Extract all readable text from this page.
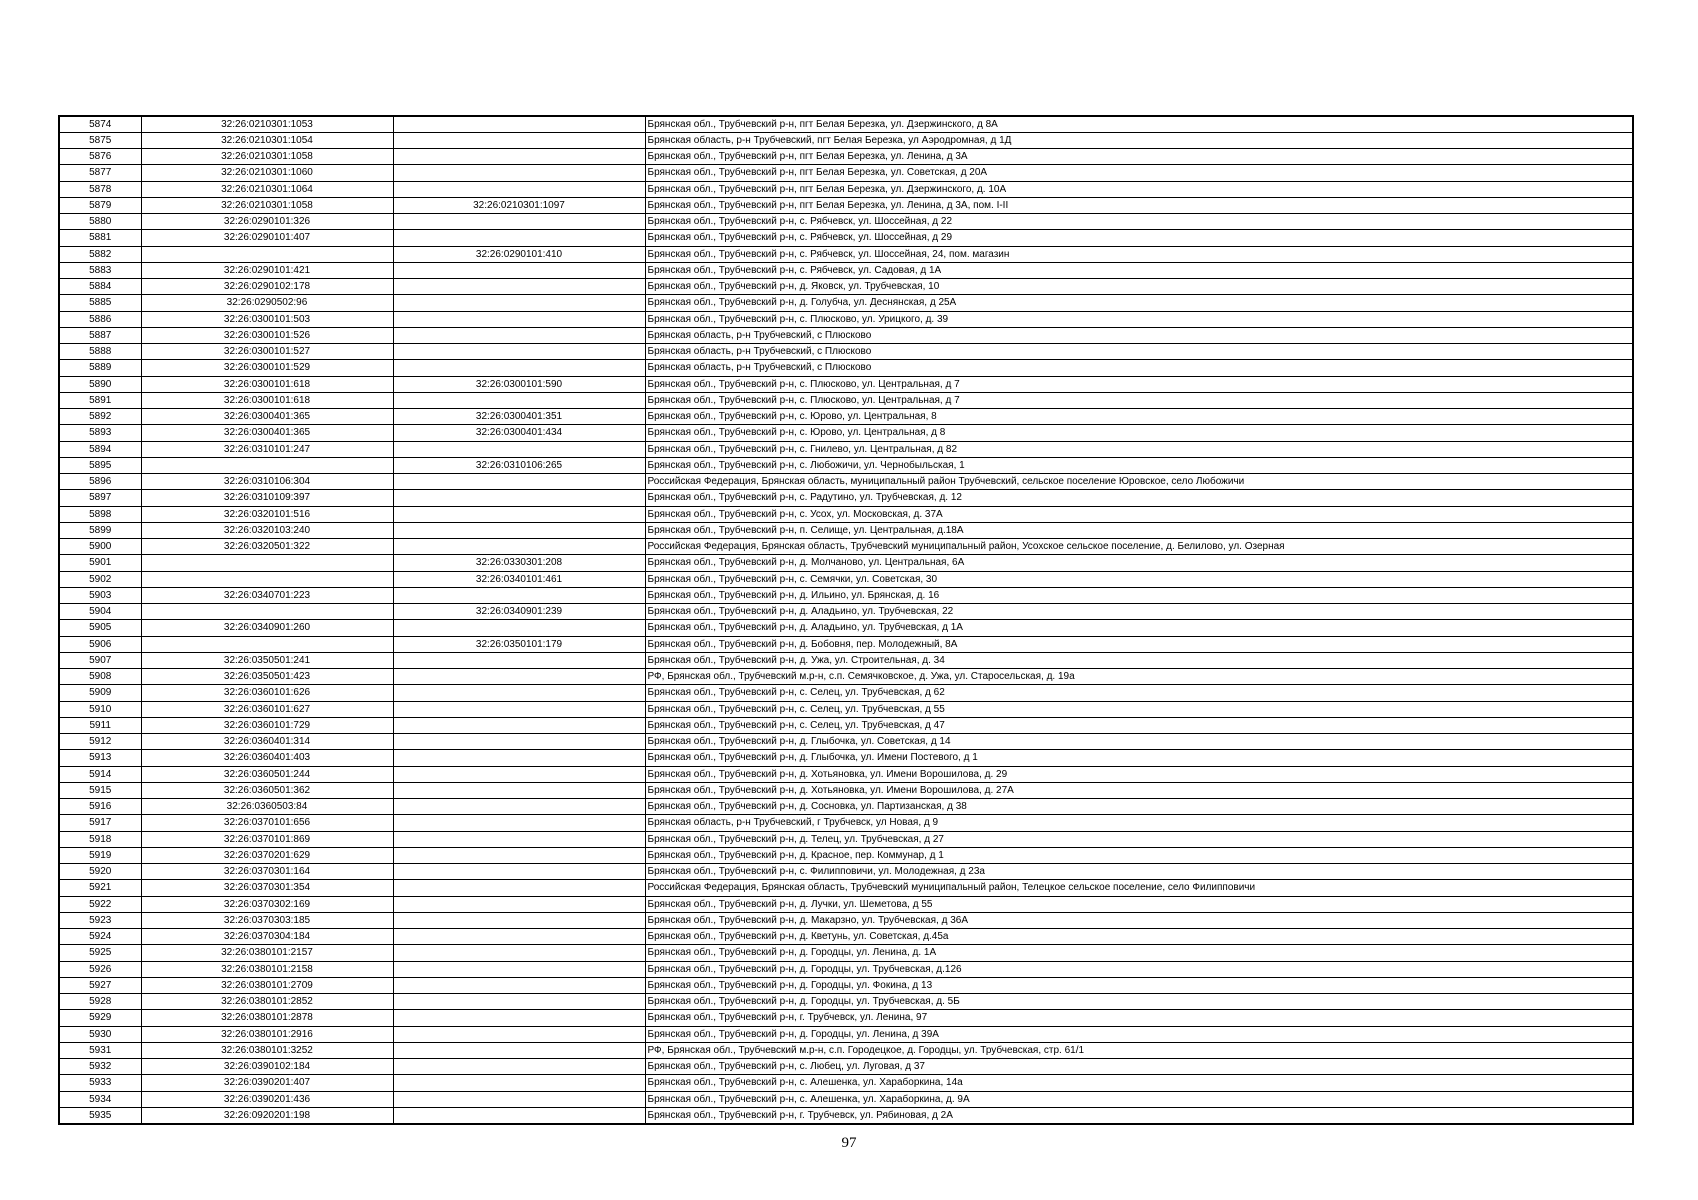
5874	32:26:0210301:1053		Брянская обл., Трубчевский р-н, пгт Белая Березка, ул. Дзержинского, д 8А
5875	32:26:0210301:1054		Брянская область, р-н Трубчевский, пгт Белая Березка, ул Аэродромная, д 1Д
5876	32:26:0210301:1058		Брянская обл., Трубчевский р-н, пгт Белая Березка, ул. Ленина, д 3А
5877	32:26:0210301:1060		Брянская обл., Трубчевский р-н, пгт Белая Березка, ул. Советская, д 20А
5878	32:26:0210301:1064		Брянская обл., Трубчевский р-н, пгт Белая Березка, ул. Дзержинского, д. 10А
5879	32:26:0210301:1058	32:26:0210301:1097	Брянская обл., Трубчевский р-н, пгт Белая Березка, ул. Ленина, д 3А, пом. I-II
5880	32:26:0290101:326		Брянская обл., Трубчевский р-н, с. Рябчевск, ул. Шоссейная, д 22
5881	32:26:0290101:407		Брянская обл., Трубчевский р-н, с. Рябчевск, ул. Шоссейная, д 29
5882		32:26:0290101:410	Брянская обл., Трубчевский р-н, с. Рябчевск, ул. Шоссейная, 24, пом. магазин
5883	32:26:0290101:421		Брянская обл., Трубчевский р-н, с. Рябчевск, ул. Садовая, д 1А
5884	32:26:0290102:178		Брянская обл., Трубчевский р-н, д. Яковск, ул. Трубчевская, 10
5885	32:26:0290502:96		Брянская обл., Трубчевский р-н, д. Голубча, ул. Деснянская, д 25А
5886	32:26:0300101:503		Брянская обл., Трубчевский р-н, с. Плюсково, ул. Урицкого, д. 39
5887	32:26:0300101:526		Брянская область, р-н Трубчевский, с Плюсково
5888	32:26:0300101:527		Брянская область, р-н Трубчевский, с Плюсково
5889	32:26:0300101:529		Брянская область, р-н Трубчевский, с Плюсково
5890	32:26:0300101:618	32:26:0300101:590	Брянская обл., Трубчевский р-н, с. Плюсково, ул. Центральная, д 7
5891	32:26:0300101:618		Брянская обл., Трубчевский р-н, с. Плюсково, ул. Центральная, д 7
5892	32:26:0300401:365	32:26:0300401:351	Брянская обл., Трубчевский р-н, с. Юрово, ул. Центральная, 8
5893	32:26:0300401:365	32:26:0300401:434	Брянская обл., Трубчевский р-н, с. Юрово, ул. Центральная, д 8
5894	32:26:0310101:247		Брянская обл., Трубчевский р-н, с. Гнилево, ул. Центральная, д 82
5895		32:26:0310106:265	Брянская обл., Трубчевский р-н, с. Любожичи, ул. Чернобыльская, 1
5896	32:26:0310106:304		Российская Федерация, Брянская область, муниципальный район Трубчевский, сельское поселение Юровское, село Любожичи
5897	32:26:0310109:397		Брянская обл., Трубчевский р-н, с. Радутино, ул. Трубчевская, д. 12
5898	32:26:0320101:516		Брянская обл., Трубчевский р-н, с. Усох, ул. Московская, д. 37А
5899	32:26:0320103:240		Брянская обл., Трубчевский р-н, п. Селище, ул. Центральная, д.18А
5900	32:26:0320501:322		Российская Федерация, Брянская область, Трубчевский муниципальный район, Усохское сельское поселение, д. Белилово, ул. Озерная
5901		32:26:0330301:208	Брянская обл., Трубчевский р-н, д. Молчаново, ул. Центральная, 6А
5902		32:26:0340101:461	Брянская обл., Трубчевский р-н, с. Семячки, ул. Советская, 30
5903	32:26:0340701:223		Брянская обл., Трубчевский р-н, д. Ильино, ул. Брянская, д. 16
5904		32:26:0340901:239	Брянская обл., Трубчевский р-н, д. Аладьино, ул. Трубчевская, 22
5905	32:26:0340901:260		Брянская обл., Трубчевский р-н, д. Аладьино, ул. Трубчевская, д 1А
5906		32:26:0350101:179	Брянская обл., Трубчевский р-н, д. Бобовня, пер. Молодежный, 8А
5907	32:26:0350501:241		Брянская обл., Трубчевский р-н, д. Ужа, ул. Строительная, д. 34
5908	32:26:0350501:423		РФ, Брянская обл., Трубчевский м.р-н, с.п. Семячковское, д. Ужа, ул. Старосельская, д. 19а
5909	32:26:0360101:626		Брянская обл., Трубчевский р-н, с. Селец, ул. Трубчевская, д 62
5910	32:26:0360101:627		Брянская обл., Трубчевский р-н, с. Селец, ул. Трубчевская, д 55
5911	32:26:0360101:729		Брянская обл., Трубчевский р-н, с. Селец, ул. Трубчевская, д 47
5912	32:26:0360401:314		Брянская обл., Трубчевский р-н, д. Глыбочка, ул. Советская, д 14
5913	32:26:0360401:403		Брянская обл., Трубчевский р-н, д. Глыбочка, ул. Имени Постевого, д 1
5914	32:26:0360501:244		Брянская обл., Трубчевский р-н, д. Хотьяновка, ул. Имени Ворошилова, д. 29
5915	32:26:0360501:362		Брянская обл., Трубчевский р-н, д. Хотьяновка, ул. Имени Ворошилова, д. 27А
5916	32:26:0360503:84		Брянская обл., Трубчевский р-н, д. Сосновка, ул. Партизанская, д 38
5917	32:26:0370101:656		Брянская область, р-н Трубчевский, г Трубчевск, ул Новая, д 9
5918	32:26:0370101:869		Брянская обл., Трубчевский р-н, д. Телец, ул. Трубчевская, д 27
5919	32:26:0370201:629		Брянская обл., Трубчевский р-н, д. Красное, пер. Коммунар, д 1
5920	32:26:0370301:164		Брянская обл., Трубчевский р-н, с. Филипповичи, ул. Молодежная, д 23а
5921	32:26:0370301:354		Российская Федерация, Брянская область, Трубчевский муниципальный район, Телецкое сельское поселение, село Филипповичи
5922	32:26:0370302:169		Брянская обл., Трубчевский р-н, д. Лучки, ул. Шеметова, д 55
5923	32:26:0370303:185		Брянская обл., Трубчевский р-н, д. Макарзно, ул. Трубчевская, д 36А
5924	32:26:0370304:184		Брянская обл., Трубчевский р-н, д. Кветунь, ул. Советская, д.45а
5925	32:26:0380101:2157		Брянская обл., Трубчевский р-н, д. Городцы, ул. Ленина, д. 1А
5926	32:26:0380101:2158		Брянская обл., Трубчевский р-н, д. Городцы, ул. Трубчевская, д.126
5927	32:26:0380101:2709		Брянская обл., Трубчевский р-н, д. Городцы, ул. Фокина, д 13
5928	32:26:0380101:2852		Брянская обл., Трубчевский р-н, д. Городцы, ул. Трубчевская, д. 5Б
5929	32:26:0380101:2878		Брянская обл., Трубчевский р-н, г. Трубчевск, ул. Ленина, 97
5930	32:26:0380101:2916		Брянская обл., Трубчевский р-н, д. Городцы, ул. Ленина, д 39А
5931	32:26:0380101:3252		РФ, Брянская обл., Трубчевский м.р-н, с.п. Городецкое, д. Городцы, ул. Трубчевская, стр. 61/1
5932	32:26:0390102:184		Брянская обл., Трубчевский р-н, с. Любец, ул. Луговая, д 37
5933	32:26:0390201:407		Брянская обл., Трубчевский р-н, с. Алешенка, ул. Хараборкина, 14а
5934	32:26:0390201:436		Брянская обл., Трубчевский р-н, с. Алешенка, ул. Хараборкина, д. 9А
5935	32:26:0920201:198		Брянская обл., Трубчевский р-н, г. Трубчевск, ул. Рябиновая, д 2А
97
